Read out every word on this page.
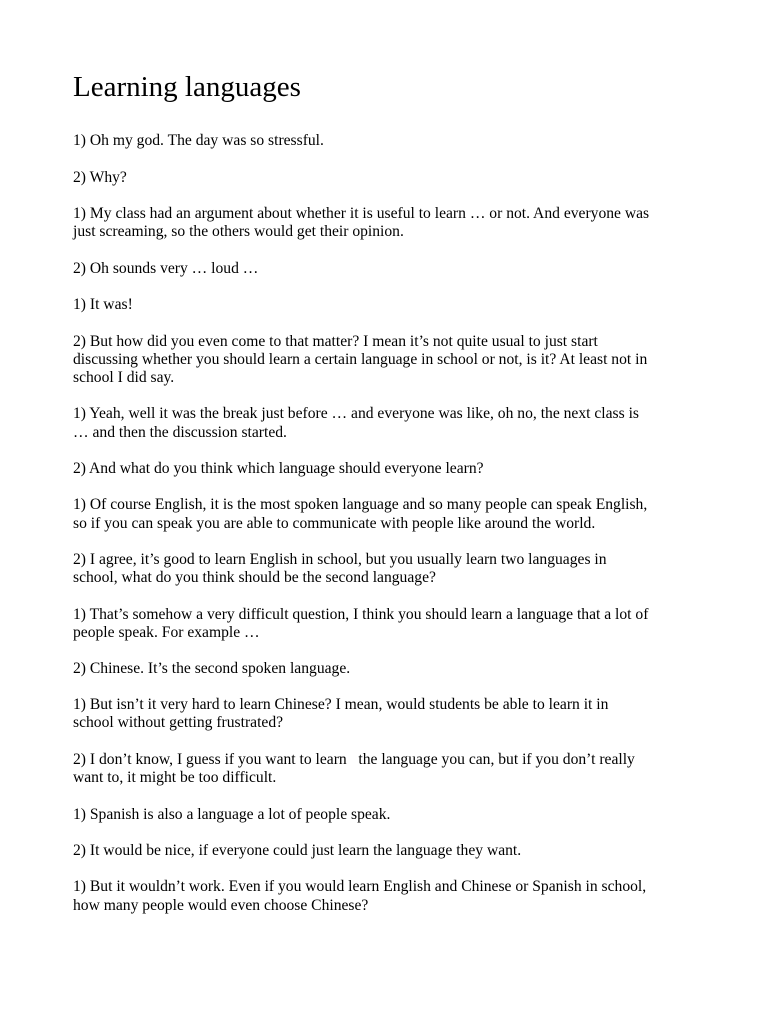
Learning languages

1) Oh my god. The day was so stressful.

2) Why?

1) My class had an argument about whether it is useful to learn … or not. And everyone was

just screaming, so the others would get their opinion.

2) Oh sounds very … loud …

1) It was!

2) But how did you even come to that matter? I mean it’s not quite usual to just start

discussing whether you should learn a certain language in school or not, is it? At least not in

school I did say.

1) Yeah, well it was the break just before … and everyone was like, oh no, the next class is

… and then the discussion started.

2) And what do you think which language should everyone learn?

1) Of course English, it is the most spoken language and so many people can speak English,

so if you can speak you are able to communicate with people like around the world.

2) I agree, it’s good to learn English in school, but you usually learn two languages in

school, what do you think should be the second language?

1) That’s somehow a very difficult question, I think you should learn a language that a lot of

people speak. For example …

2) Chinese. It’s the second spoken language.

1) But isn’t it very hard to learn Chinese? I mean, would students be able to learn it in

school without getting frustrated?

2) I don’t know, I guess if you want to learn   the language you can, but if you don’t really

want to, it might be too difficult.

1) Spanish is also a language a lot of people speak.

2) It would be nice, if everyone could just learn the language they want.

1) But it wouldn’t work. Even if you would learn English and Chinese or Spanish in school,

how many people would even choose Chinese?
